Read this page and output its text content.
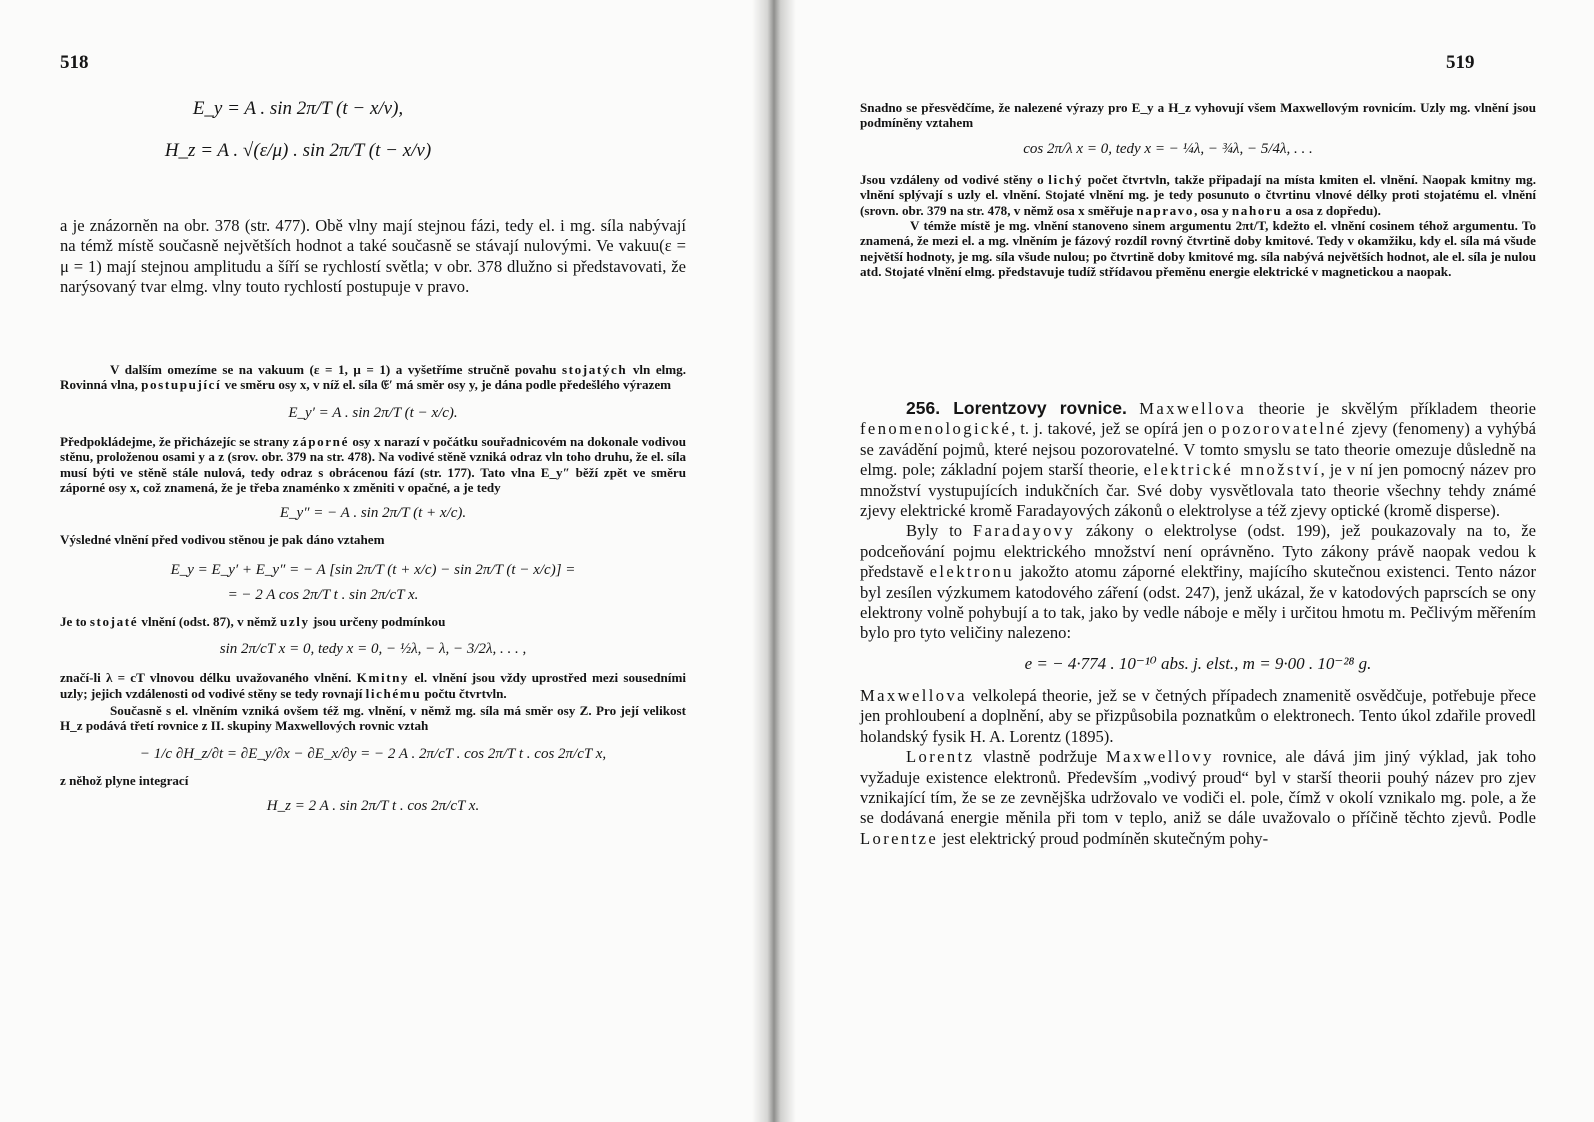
518
E_y = A . sin 2π/T (t − x/v),
H_z = A . √(ε/μ) . sin 2π/T (t − x/v)

a je znázorněn na obr. 378 (str. 477). Obě vlny mají stejnou fázi, tedy el. i mg. síla nabývají na témž místě současně největších hodnot a také současně se stávají nulovými. Ve vakuu(ε = μ = 1) mají stejnou amplitudu a šíří se rychlostí světla; v obr. 378 dlužno si představovati, že narýsovaný tvar elmg. vlny touto rychlostí postupuje v pravo.

V dalším omezíme se na vakuum (ε = 1, μ = 1) a vyšetříme stručně povahu stojatých vln elmg. Rovinná vlna, postupující ve směru osy x, v níž el. síla 𝔈′ má směr osy y, je dána podle předešlého výrazem

E_y′ = A . sin 2π/T (t − x/c).

Předpokládejme, že přicházejíc se strany záporné osy x narazí v počátku souřadnicovém na dokonale vodivou stěnu, proloženou osami y a z (srov. obr. 379 na str. 478). Na vodivé stěně vzniká odraz vln toho druhu, že el. síla musí býti ve stěně stále nulová, tedy odraz s obrácenou fází (str. 177). Tato vlna E_y″ běží zpět ve směru záporné osy x, což znamená, že je třeba znaménko x změniti v opačné, a je tedy

E_y″ = − A . sin 2π/T (t + x/c).

Výsledné vlnění před vodivou stěnou je pak dáno vztahem

E_y = E_y′ + E_y″ = − A [sin 2π/T (t + x/c) − sin 2π/T (t − x/c)] =
= − 2 A cos 2π/T t . sin 2π/cT x.

Je to stojaté vlnění (odst. 87), v němž uzly jsou určeny podmínkou

sin 2π/cT x = 0, tedy x = 0, − ½λ, − λ, − 3/2λ, . . . ,

značí-li λ = cT vlnovou délku uvažovaného vlnění. Kmitny el. vlnění jsou vždy uprostřed mezi sousedními uzly; jejich vzdálenosti od vodivé stěny se tedy rovnají lichému počtu čtvrtvln.

Současně s el. vlněním vzniká ovšem též mg. vlnění, v němž mg. síla má směr osy Z. Pro její velikost H_z podává třetí rovnice z II. skupiny Maxwellových rovnic vztah

− 1/c ∂H_z/∂t = ∂E_y/∂x − ∂E_x/∂y = − 2 A . 2π/cT . cos 2π/T t . cos 2π/cT x,

z něhož plyne integrací

H_z = 2 A . sin 2π/T t . cos 2π/cT x.
519

Snadno se přesvědčíme, že nalezené výrazy pro E_y a H_z vyhovují všem Maxwellovým rovnicím. Uzly mg. vlnění jsou podmíněny vztahem

cos 2π/λ x = 0, tedy x = − ¼λ, − ¾λ, − 5/4λ, . . .

Jsou vzdáleny od vodivé stěny o lichý počet čtvrtvln, takže připadají na místa kmiten el. vlnění. Naopak kmitny mg. vlnění splývají s uzly el. vlnění. Stojaté vlnění mg. je tedy posunuto o čtvrtinu vlnové délky proti stojatému el. vlnění (srovn. obr. 379 na str. 478, v němž osa x směřuje napravo, osa y nahoru a osa z dopředu).

V témže místě je mg. vlnění stanoveno sinem argumentu 2πt/T, kdežto el. vlnění cosinem téhož argumentu. To znamená, že mezi el. a mg. vlněním je fázový rozdíl rovný čtvrtině doby kmitové. Tedy v okamžiku, kdy el. síla má všude největší hodnoty, je mg. síla všude nulou; po čtvrtině doby kmitové mg. síla nabývá největších hodnot, ale el. síla je nulou atd. Stojaté vlnění elmg. představuje tudíž střídavou přeměnu energie elektrické v magnetickou a naopak.

256. Lorentzovy rovnice. Maxwellova theorie je skvělým příkladem theorie fenomenologické, t. j. takové, jež se opírá jen o pozorovatelné zjevy (fenomeny) a vyhýbá se zavádění pojmů, které nejsou pozorovatelné. V tomto smyslu se tato theorie omezuje důsledně na elmg. pole; základní pojem starší theorie, elektrické množství, je v ní jen pomocný název pro množství vystupujících indukčních čar. Své doby vysvětlovala tato theorie všechny tehdy známé zjevy elektrické kromě Faradayových zákonů o elektrolyse a též zjevy optické (kromě disperse).

Byly to Faradayovy zákony o elektrolyse (odst. 199), jež poukazovaly na to, že podceňování pojmu elektrického množství není oprávněno. Tyto zákony právě naopak vedou k představě elektronu jakožto atomu záporné elektřiny, majícího skutečnou existenci. Tento názor byl zesílen výzkumem katodového záření (odst. 247), jenž ukázal, že v katodových paprscích se ony elektrony volně pohybují a to tak, jako by vedle náboje e měly i určitou hmotu m. Pečlivým měřením bylo pro tyto veličiny nalezeno:

e = − 4·774 . 10⁻¹⁰ abs. j. elst., m = 9·00 . 10⁻²⁸ g.

Maxwellova velkolepá theorie, jež se v četných případech znamenitě osvědčuje, potřebuje přece jen prohloubení a doplnění, aby se přizpůsobila poznatkům o elektronech. Tento úkol zdařile provedl holandský fysik H. A. Lorentz (1895).

Lorentz vlastně podržuje Maxwellovy rovnice, ale dává jim jiný výklad, jak toho vyžaduje existence elektronů. Především „vodivý proud“ byl v starší theorii pouhý název pro zjev vznikající tím, že se ze zevnějška udržovalo ve vodiči el. pole, čímž v okolí vznikalo mg. pole, a že se dodávaná energie měnila při tom v teplo, aniž se dále uvažovalo o příčině těchto zjevů. Podle Lorentze jest elektrický proud podmíněn skutečným pohy-
